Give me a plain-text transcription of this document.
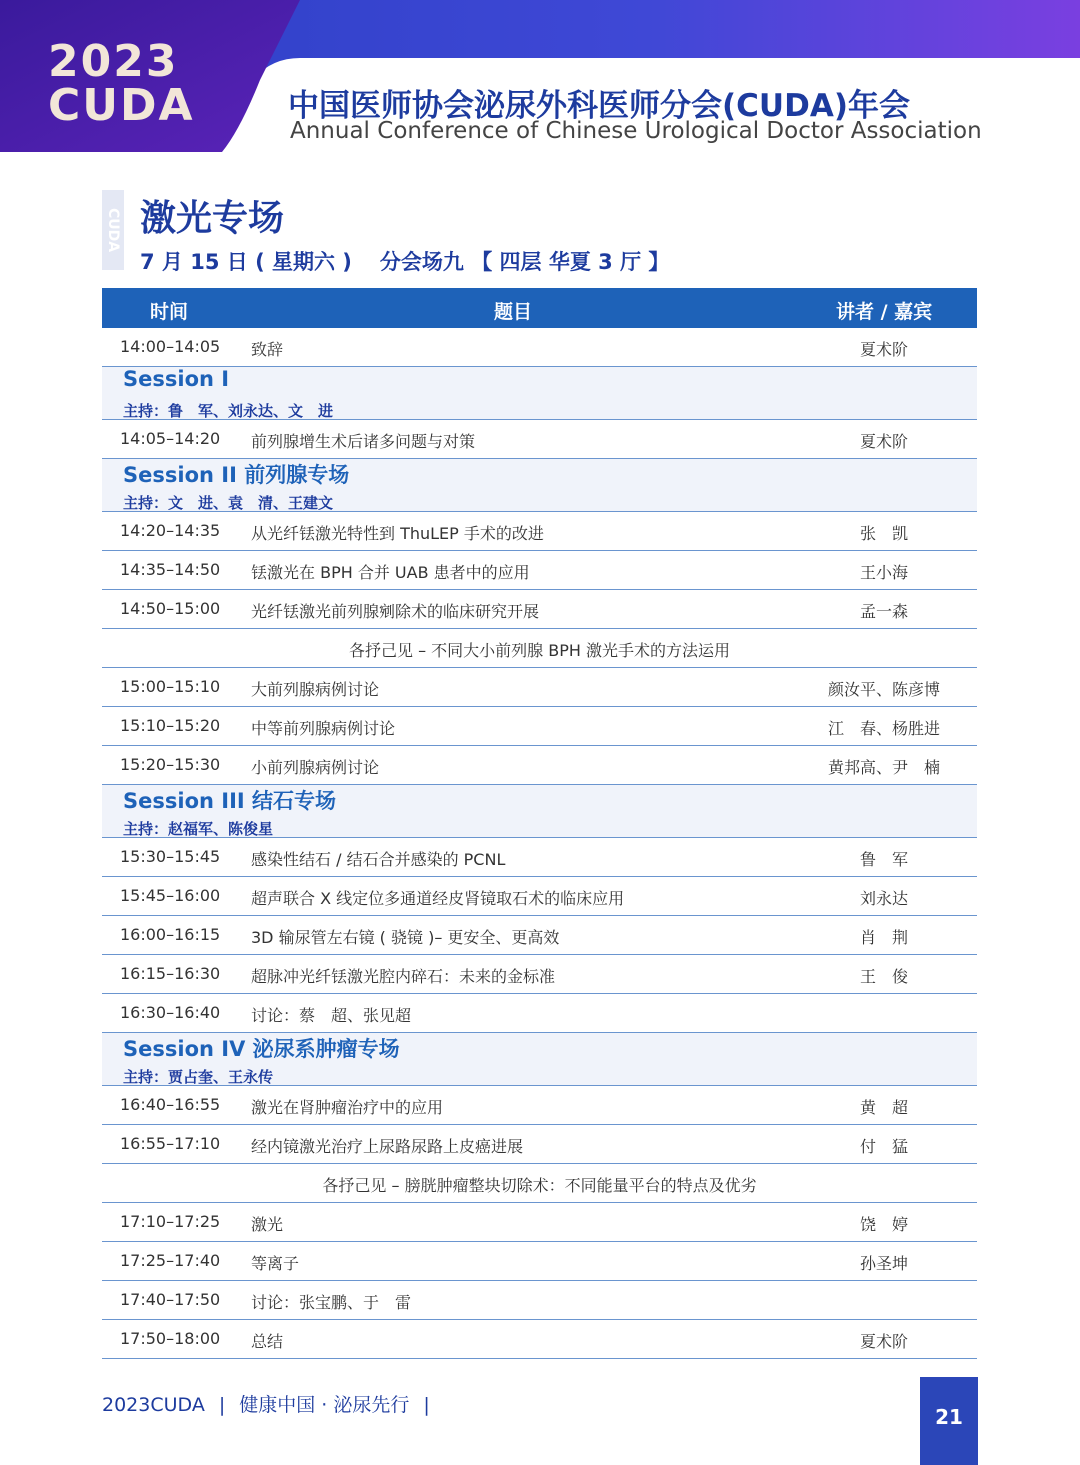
2023
CUDA	中国医师协会泌尿外科医师分会(CUDA)年会
Annual Conference of Chinese Urological Doctor Association
CUDA 激光专场
7 月 15 日 ( 星期六 ) 分会场九 【 四层 华夏 3 厅 】
时间	题目	讲者 / 嘉宾
14:00–14:05 致辞	夏术阶
Session I
主持：鲁　军、刘永达、文　进
14:05–14:20 前列腺增生术后诸多问题与对策	夏术阶
Session II 前列腺专场
主持：文　进、袁　清、王建文
14:20–14:35 从光纤铥激光特性到 ThuLEP 手术的改进	张　凯
14:35–14:50 铥激光在 BPH 合并 UAB 患者中的应用	王小海
14:50–15:00 光纤铥激光前列腺剜除术的临床研究开展	孟一森
各抒己见 – 不同大小前列腺 BPH 激光手术的方法运用
15:00–15:10 大前列腺病例讨论	颜汝平、陈彦博
15:10–15:20 中等前列腺病例讨论	江　春、杨胜进
15:20–15:30 小前列腺病例讨论	黄邦高、尹　楠
Session III 结石专场
主持：赵福军、陈俊星
15:30–15:45 感染性结石 / 结石合并感染的 PCNL	鲁　军
15:45–16:00 超声联合 X 线定位多通道经皮肾镜取石术的临床应用	刘永达
16:00–16:15 3D 输尿管左右镜 ( 骁镜 )– 更安全、更高效	肖　荆
16:15–16:30 超脉冲光纤铥激光腔内碎石：未来的金标准	王　俊
16:30–16:40 讨论：蔡　超、张见超
Session IV 泌尿系肿瘤专场
主持：贾占奎、王永传
16:40–16:55 激光在肾肿瘤治疗中的应用	黄　超
16:55–17:10 经内镜激光治疗上尿路尿路上皮癌进展	付　猛
各抒己见 – 膀胱肿瘤整块切除术：不同能量平台的特点及优劣
17:10–17:25 激光	饶　婷
17:25–17:40 等离子	孙圣坤
17:40–17:50 讨论：张宝鹏、于　雷
17:50–18:00 总结	夏术阶
2023CUDA | 健康中国 · 泌尿先行 |	21
